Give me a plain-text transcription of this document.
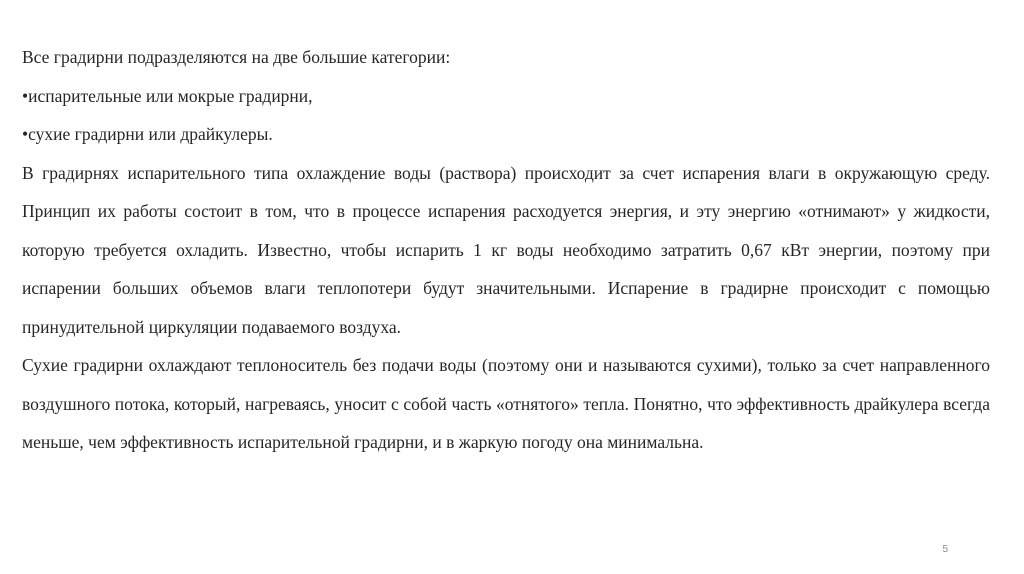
Все градирни подразделяются на две большие категории:

•испарительные или мокрые градирни,

•сухие градирни или драйкулеры.

В градирнях испарительного типа охлаждение воды (раствора) происходит за счет испарения влаги в окружающую среду. Принцип их работы состоит в том, что в процессе испарения расходуется энергия, и эту энергию «отнимают» у жидкости, которую требуется охладить. Известно, чтобы испарить 1 кг воды необходимо затратить 0,67 кВт энергии, поэтому при испарении больших объемов влаги теплопотери будут значительными. Испарение в градирне происходит с помощью принудительной циркуляции подаваемого воздуха.

Сухие градирни охлаждают теплоноситель без подачи воды (поэтому они и называются сухими), только за счет направленного воздушного потока, который, нагреваясь, уносит с собой часть «отнятого» тепла. Понятно, что эффективность драйкулера всегда меньше, чем эффективность испарительной градирни, и в жаркую погоду она минимальна.

5
